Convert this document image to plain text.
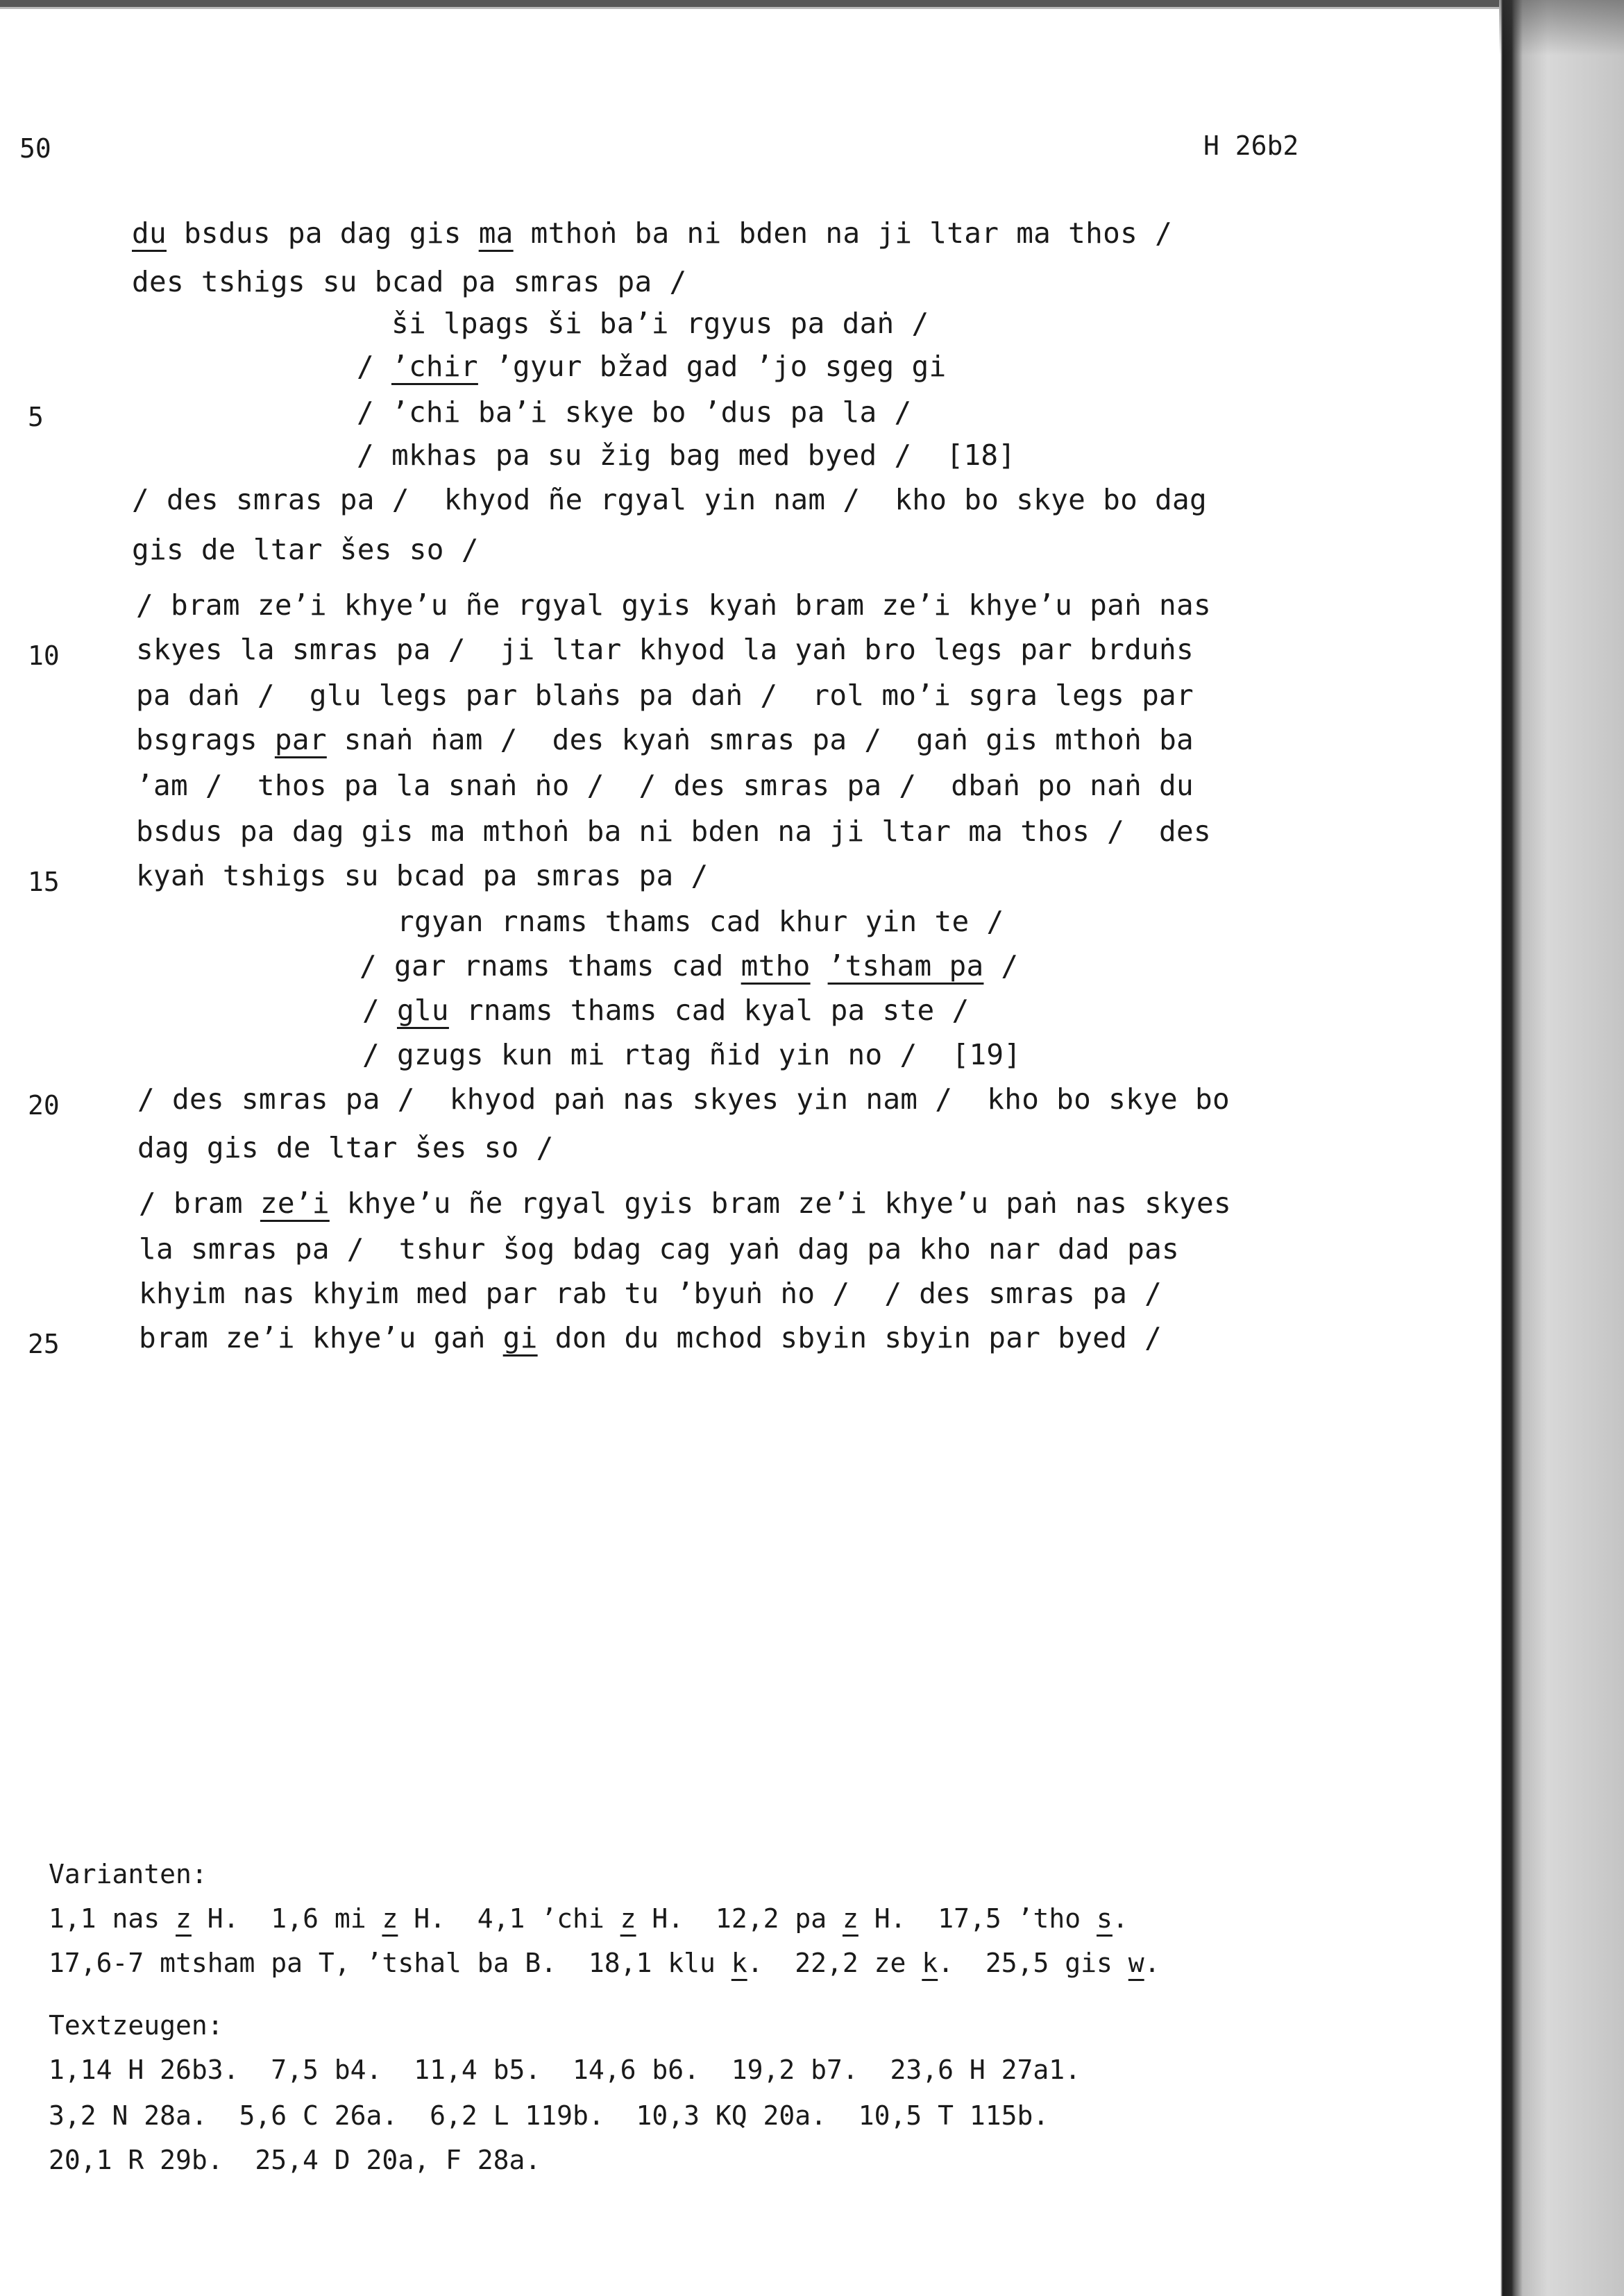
50	H 26b2
du bsdus pa dag gis ma mthoṅ ba ni bden na ji ltar ma thos /
des tshigs su bcad pa smras pa /
ši lpags ši ba’i rgyus pa daṅ /
/ ’chir ’gyur bžad gad ’jo sgeg gi
/ ’chi ba’i skye bo ’dus pa la /
/ mkhas pa su žig bag med byed /  [18]
/ des smras pa /  khyod ñe rgyal yin nam /  kho bo skye bo dag
gis de ltar šes so /
/ bram ze’i khye’u ñe rgyal gyis kyaṅ bram ze’i khye’u paṅ nas
skyes la smras pa /  ji ltar khyod la yaṅ bro legs par brduṅs
pa daṅ /  glu legs par blaṅs pa daṅ /  rol mo’i sgra legs par
bsgrags par snaṅ ṅam /  des kyaṅ smras pa /  gaṅ gis mthoṅ ba
’am /  thos pa la snaṅ ṅo /  / des smras pa /  dbaṅ po naṅ du
bsdus pa dag gis ma mthoṅ ba ni bden na ji ltar ma thos /  des
kyaṅ tshigs su bcad pa smras pa /
rgyan rnams thams cad khur yin te /
/ gar rnams thams cad mtho ’tsham pa /
/ glu rnams thams cad kyal pa ste /
/ gzugs kun mi rtag ñid yin no /  [19]
/ des smras pa /  khyod paṅ nas skyes yin nam /  kho bo skye bo
dag gis de ltar šes so /
/ bram ze’i khye’u ñe rgyal gyis bram ze’i khye’u paṅ nas skyes
la smras pa /  tshur šog bdag cag yaṅ dag pa kho nar dad pas
khyim nas khyim med par rab tu ’byuṅ ṅo /  / des smras pa /
bram ze’i khye’u gaṅ gi don du mchod sbyin sbyin par byed /
5
10
15
20
25
Varianten:
1,1 nas z H.  1,6 mi z H.  4,1 ’chi z H.  12,2 pa z H.  17,5 ’tho s.
17,6-7 mtsham pa T, ’tshal ba B.  18,1 klu k.  22,2 ze k.  25,5 gis w.
Textzeugen:
1,14 H 26b3.  7,5 b4.  11,4 b5.  14,6 b6.  19,2 b7.  23,6 H 27a1.
3,2 N 28a.  5,6 C 26a.  6,2 L 119b.  10,3 KQ 20a.  10,5 T 115b.
20,1 R 29b.  25,4 D 20a, F 28a.
